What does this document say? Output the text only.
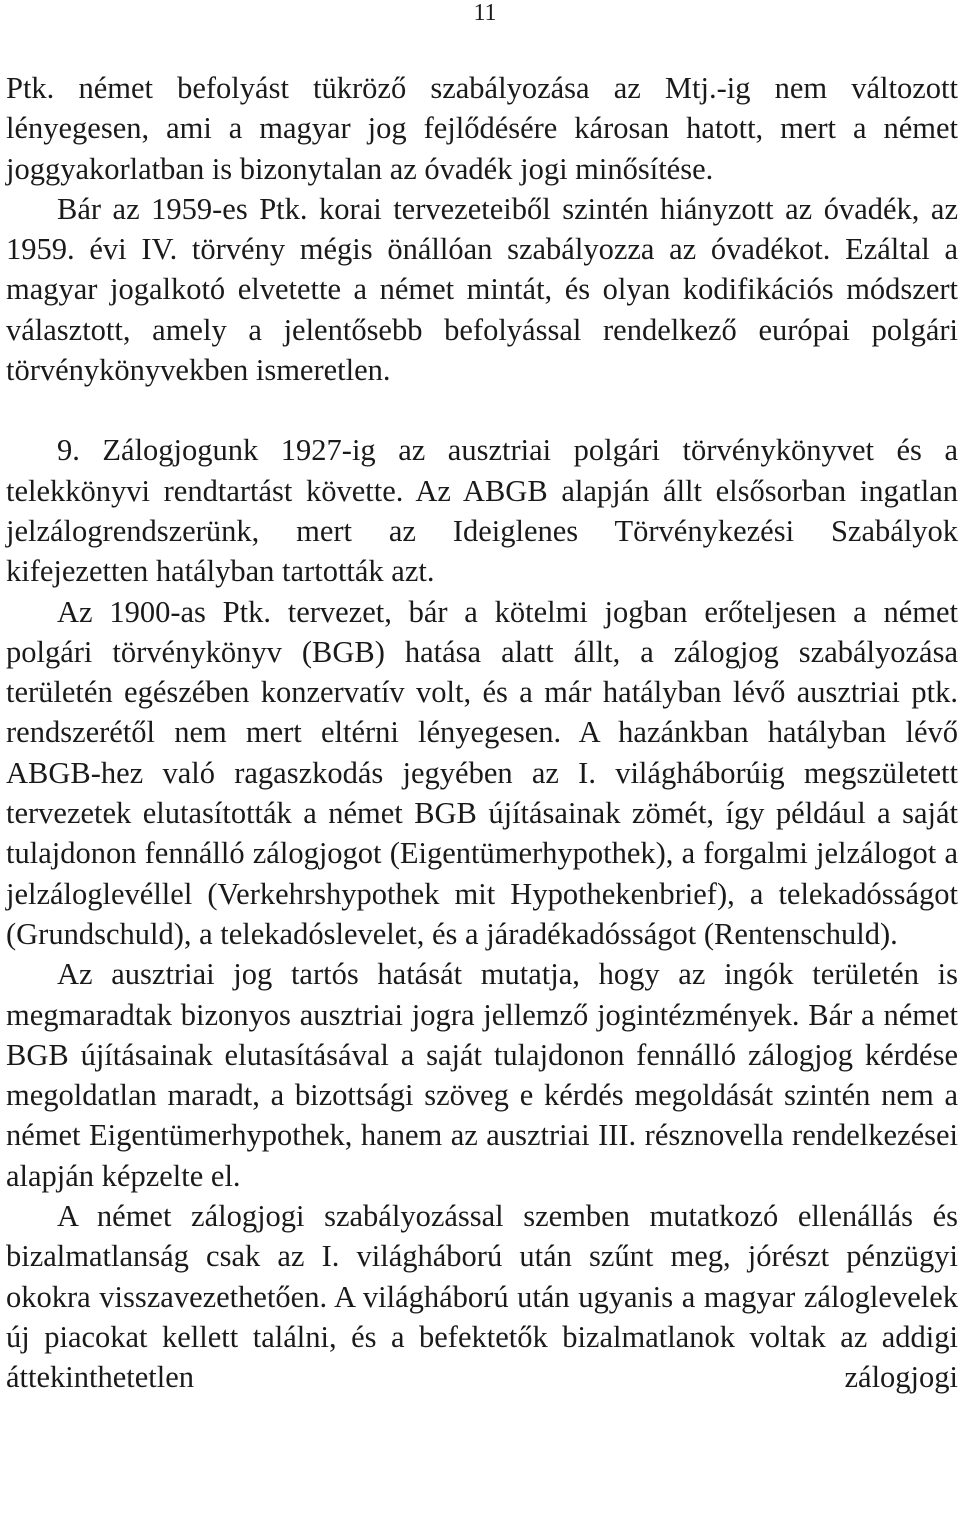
11

Ptk. német befolyást tükröző szabályozása az Mtj.-ig nem változott lényegesen, ami a magyar jog fejlődésére károsan hatott, mert a német joggyakorlatban is bizonytalan az óvadék jogi minősítése.

Bár az 1959-es Ptk. korai tervezeteiből szintén hiányzott az óvadék, az 1959. évi IV. törvény mégis önállóan szabályozza az óvadékot. Ezáltal a magyar jogalkotó elvetette a német mintát, és olyan kodifikációs módszert választott, amely a jelentősebb befolyással rendelkező európai polgári törvénykönyvekben ismeretlen.

9. Zálogjogunk 1927-ig az ausztriai polgári törvénykönyvet és a telekkönyvi rendtartást követte. Az ABGB alapján állt elsősorban ingatlan jelzálogrendszerünk, mert az Ideiglenes Törvénykezési Szabályok kifejezetten hatályban tartották azt.

Az 1900-as Ptk. tervezet, bár a kötelmi jogban erőteljesen a német polgári törvénykönyv (BGB) hatása alatt állt, a zálogjog szabályozása területén egészében konzervatív volt, és a már hatályban lévő ausztriai ptk. rendszerétől nem mert eltérni lényegesen. A hazánkban hatályban lévő ABGB-hez való ragaszkodás jegyében az I. világháborúig megszületett tervezetek elutasították a német BGB újításainak zömét, így például a saját tulajdonon fennálló zálogjogot (Eigentümerhypothek), a forgalmi jelzálogot a jelzáloglevéllel (Verkehrshypothek mit Hypothekenbrief), a telekadósságot (Grundschuld), a telekadóslevelet, és a járadékadósságot (Rentenschuld).

Az ausztriai jog tartós hatását mutatja, hogy az ingók területén is megmaradtak bizonyos ausztriai jogra jellemző jogintézmények. Bár a német BGB újításainak elutasításával a saját tulajdonon fennálló zálogjog kérdése megoldatlan maradt, a bizottsági szöveg e kérdés megoldását szintén nem a német Eigentümerhypothek, hanem az ausztriai III. résznovella rendelkezései alapján képzelte el.

A német zálogjogi szabályozással szemben mutatkozó ellenállás és bizalmatlanság csak az I. világháború után szűnt meg, jórészt pénzügyi okokra visszavezethetően. A világháború után ugyanis a magyar záloglevelek új piacokat kellett találni, és a befektetők bizalmatlanok voltak az addigi áttekinthetetlen zálogjogi
